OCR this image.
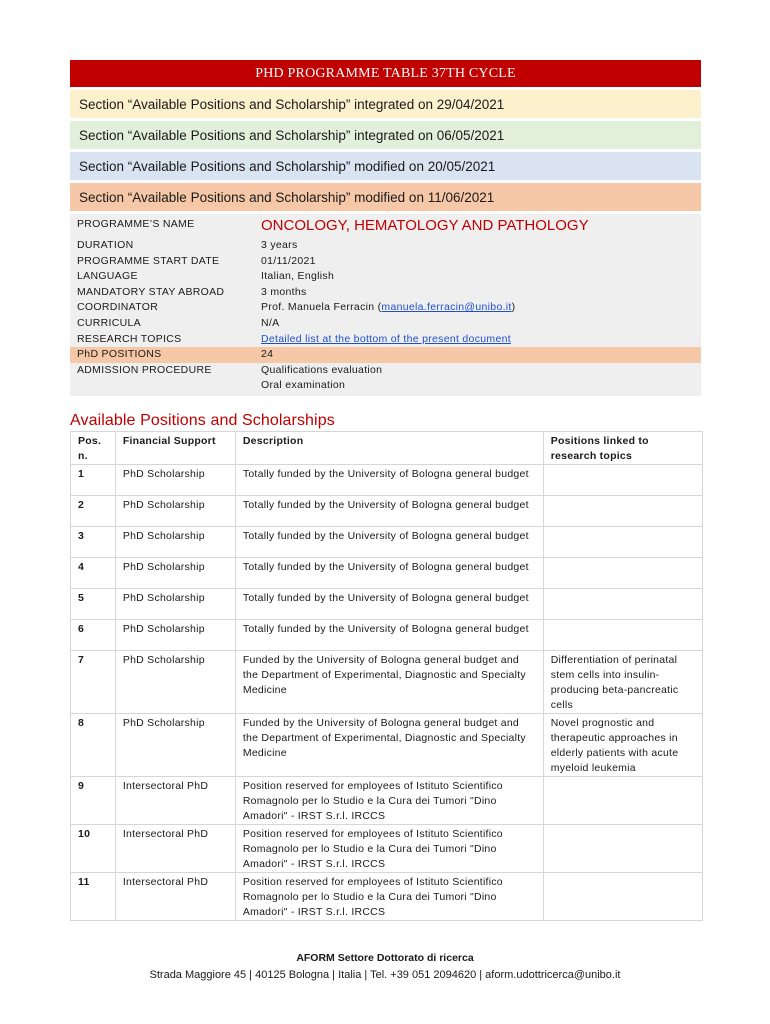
PHD PROGRAMME TABLE 37TH CYCLE
Section “Available Positions and Scholarship” integrated on 29/04/2021
Section “Available Positions and Scholarship” integrated on 06/05/2021
Section “Available Positions and Scholarship” modified on 20/05/2021
Section “Available Positions and Scholarship” modified on 11/06/2021
PROGRAMME’S NAME	ONCOLOGY, HEMATOLOGY AND PATHOLOGY
DURATION	3 years
PROGRAMME START DATE	01/11/2021
LANGUAGE	Italian, English
MANDATORY STAY ABROAD	3 months
COORDINATOR	Prof. Manuela Ferracin (manuela.ferracin@unibo.it)
CURRICULA	N/A
RESEARCH TOPICS	Detailed list at the bottom of the present document
PhD POSITIONS	24
ADMISSION PROCEDURE	Qualifications evaluation
Oral examination
Available Positions and Scholarships
Pos. n.	Financial Support	Description	Positions linked to research topics
1	PhD Scholarship	Totally funded by the University of Bologna general budget	
2	PhD Scholarship	Totally funded by the University of Bologna general budget	
3	PhD Scholarship	Totally funded by the University of Bologna general budget	
4	PhD Scholarship	Totally funded by the University of Bologna general budget	
5	PhD Scholarship	Totally funded by the University of Bologna general budget	
6	PhD Scholarship	Totally funded by the University of Bologna general budget	
7	PhD Scholarship	Funded by the University of Bologna general budget and the Department of Experimental, Diagnostic and Specialty Medicine	Differentiation of perinatal stem cells into insulin-producing beta-pancreatic cells
8	PhD Scholarship	Funded by the University of Bologna general budget and the Department of Experimental, Diagnostic and Specialty Medicine	Novel prognostic and therapeutic approaches in elderly patients with acute myeloid leukemia
9	Intersectoral PhD	Position reserved for employees of Istituto Scientifico Romagnolo per lo Studio e la Cura dei Tumori "Dino Amadori" - IRST S.r.l. IRCCS	
10	Intersectoral PhD	Position reserved for employees of Istituto Scientifico Romagnolo per lo Studio e la Cura dei Tumori "Dino Amadori" - IRST S.r.l. IRCCS	
11	Intersectoral PhD	Position reserved for employees of Istituto Scientifico Romagnolo per lo Studio e la Cura dei Tumori "Dino Amadori" - IRST S.r.l. IRCCS	
AFORM Settore Dottorato di ricerca
Strada Maggiore 45 | 40125 Bologna | Italia | Tel. +39 051 2094620 | aform.udottricerca@unibo.it
